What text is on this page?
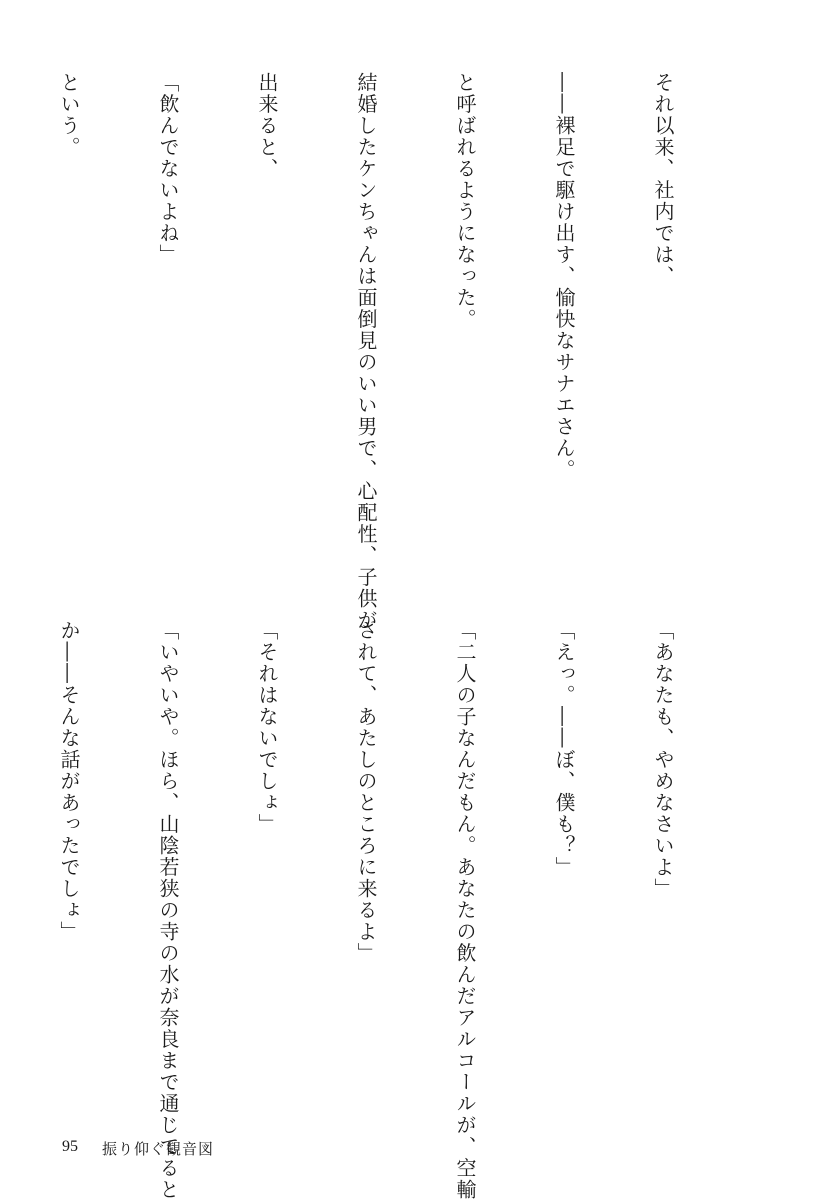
それ以来、社内では、

――裸足で駆け出す、愉快なサナエさん。

と呼ばれるようになった。

結婚したケンちゃんは面倒見のいい男で、心配性、子供が

出来ると、

「飲んでないよね」

という。

「あなたも、やめなさいよ」

「えっ。――ぼ、僕も？」

「二人の子なんだもん。あなたの飲んだアルコールが、空輸

されて、あたしのところに来るよ」

「それはないでしょ」

「いやいや。ほら、山陰若狭の寺の水が奈良まで通じてると

か――そんな話があったでしょ」

95 振り仰ぐ観音図
